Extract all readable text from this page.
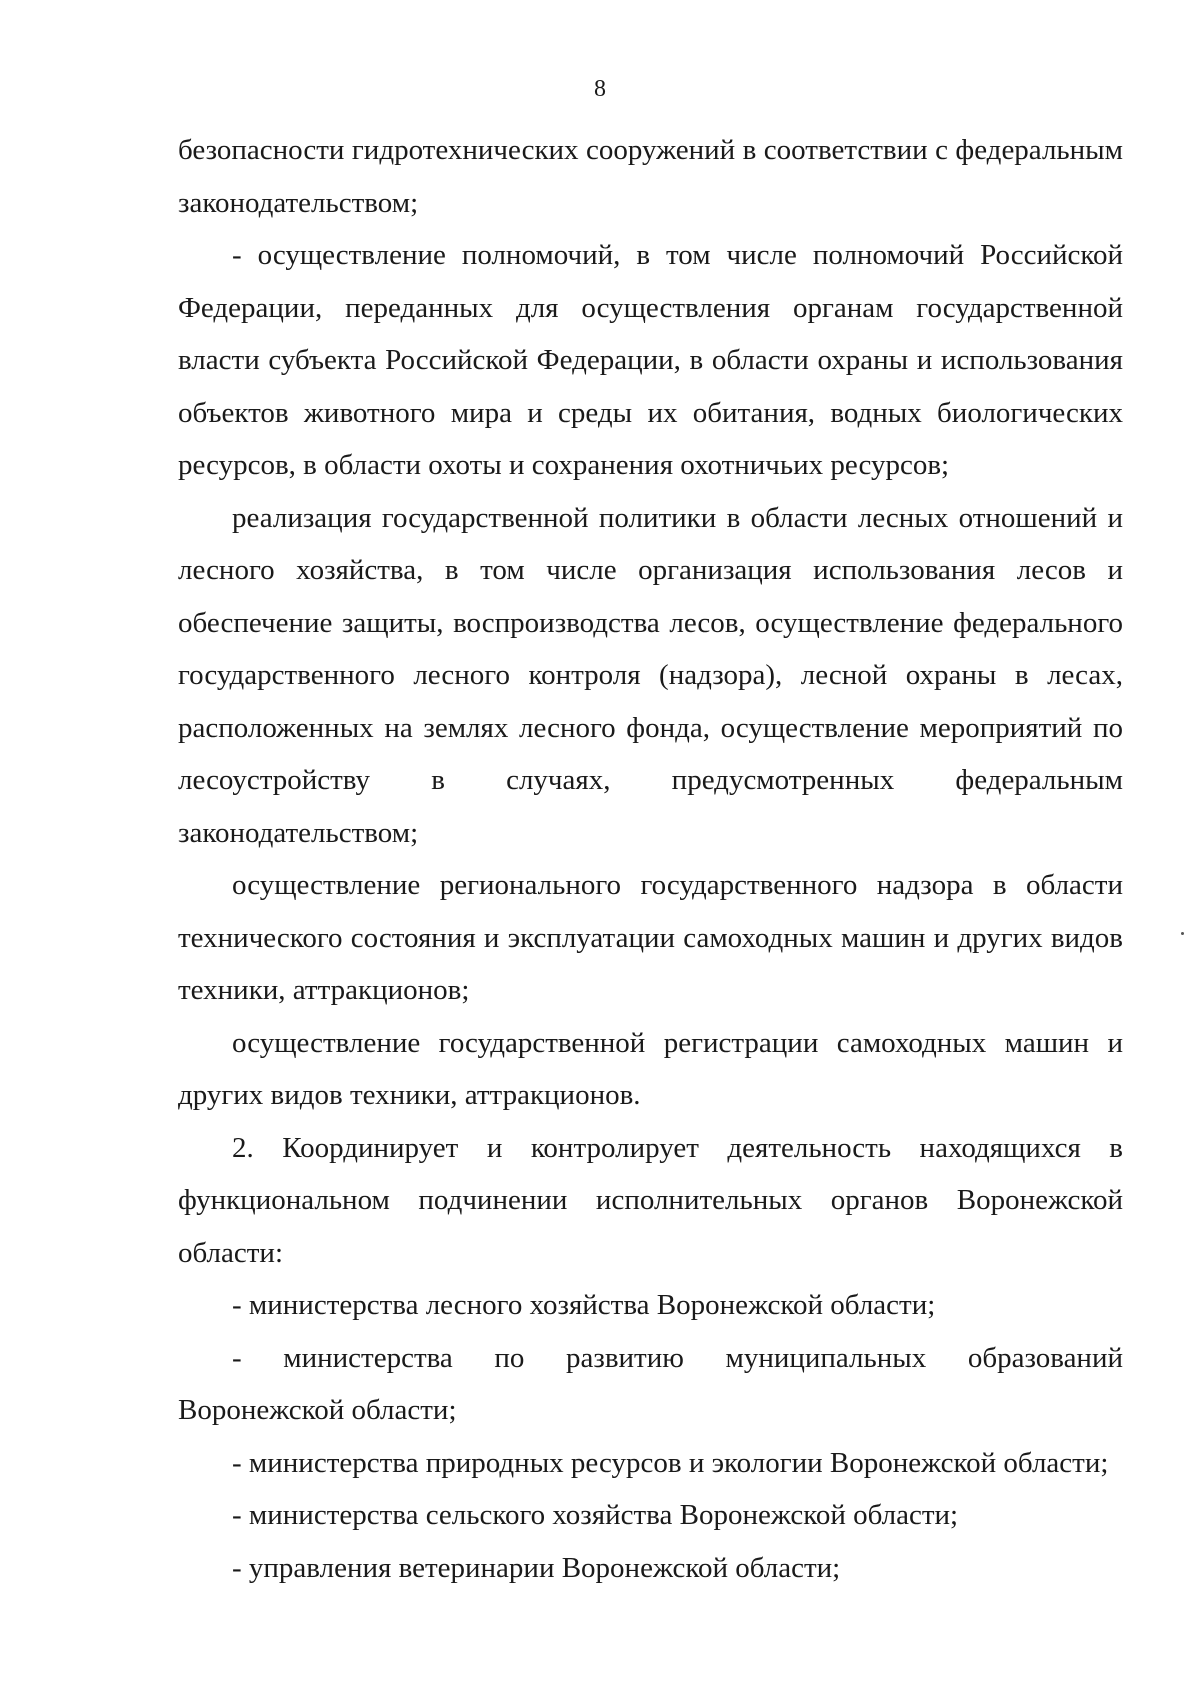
8

безопасности гидротехнических сооружений в соответствии с федеральным законодательством;

- осуществление полномочий, в том числе полномочий Российской Федерации, переданных для осуществления органам государственной власти субъекта Российской Федерации, в области охраны и использования объектов животного мира и среды их обитания, водных биологических ресурсов, в области охоты и сохранения охотничьих ресурсов;

реализация государственной политики в области лесных отношений и лесного хозяйства, в том числе организация использования лесов и обеспечение защиты, воспроизводства лесов, осуществление федерального государственного лесного контроля (надзора), лесной охраны в лесах, расположенных на землях лесного фонда, осуществление мероприятий по лесоустройству в случаях, предусмотренных федеральным законодательством;

осуществление регионального государственного надзора в области технического состояния и эксплуатации самоходных машин и других видов техники, аттракционов;

осуществление государственной регистрации самоходных машин и других видов техники, аттракционов.

2. Координирует и контролирует деятельность находящихся в функциональном подчинении исполнительных органов Воронежской области:

- министерства лесного хозяйства Воронежской области;

- министерства по развитию муниципальных образований Воронежской области;

- министерства природных ресурсов и экологии Воронежской области;

- министерства сельского хозяйства Воронежской области;

- управления ветеринарии Воронежской области;
